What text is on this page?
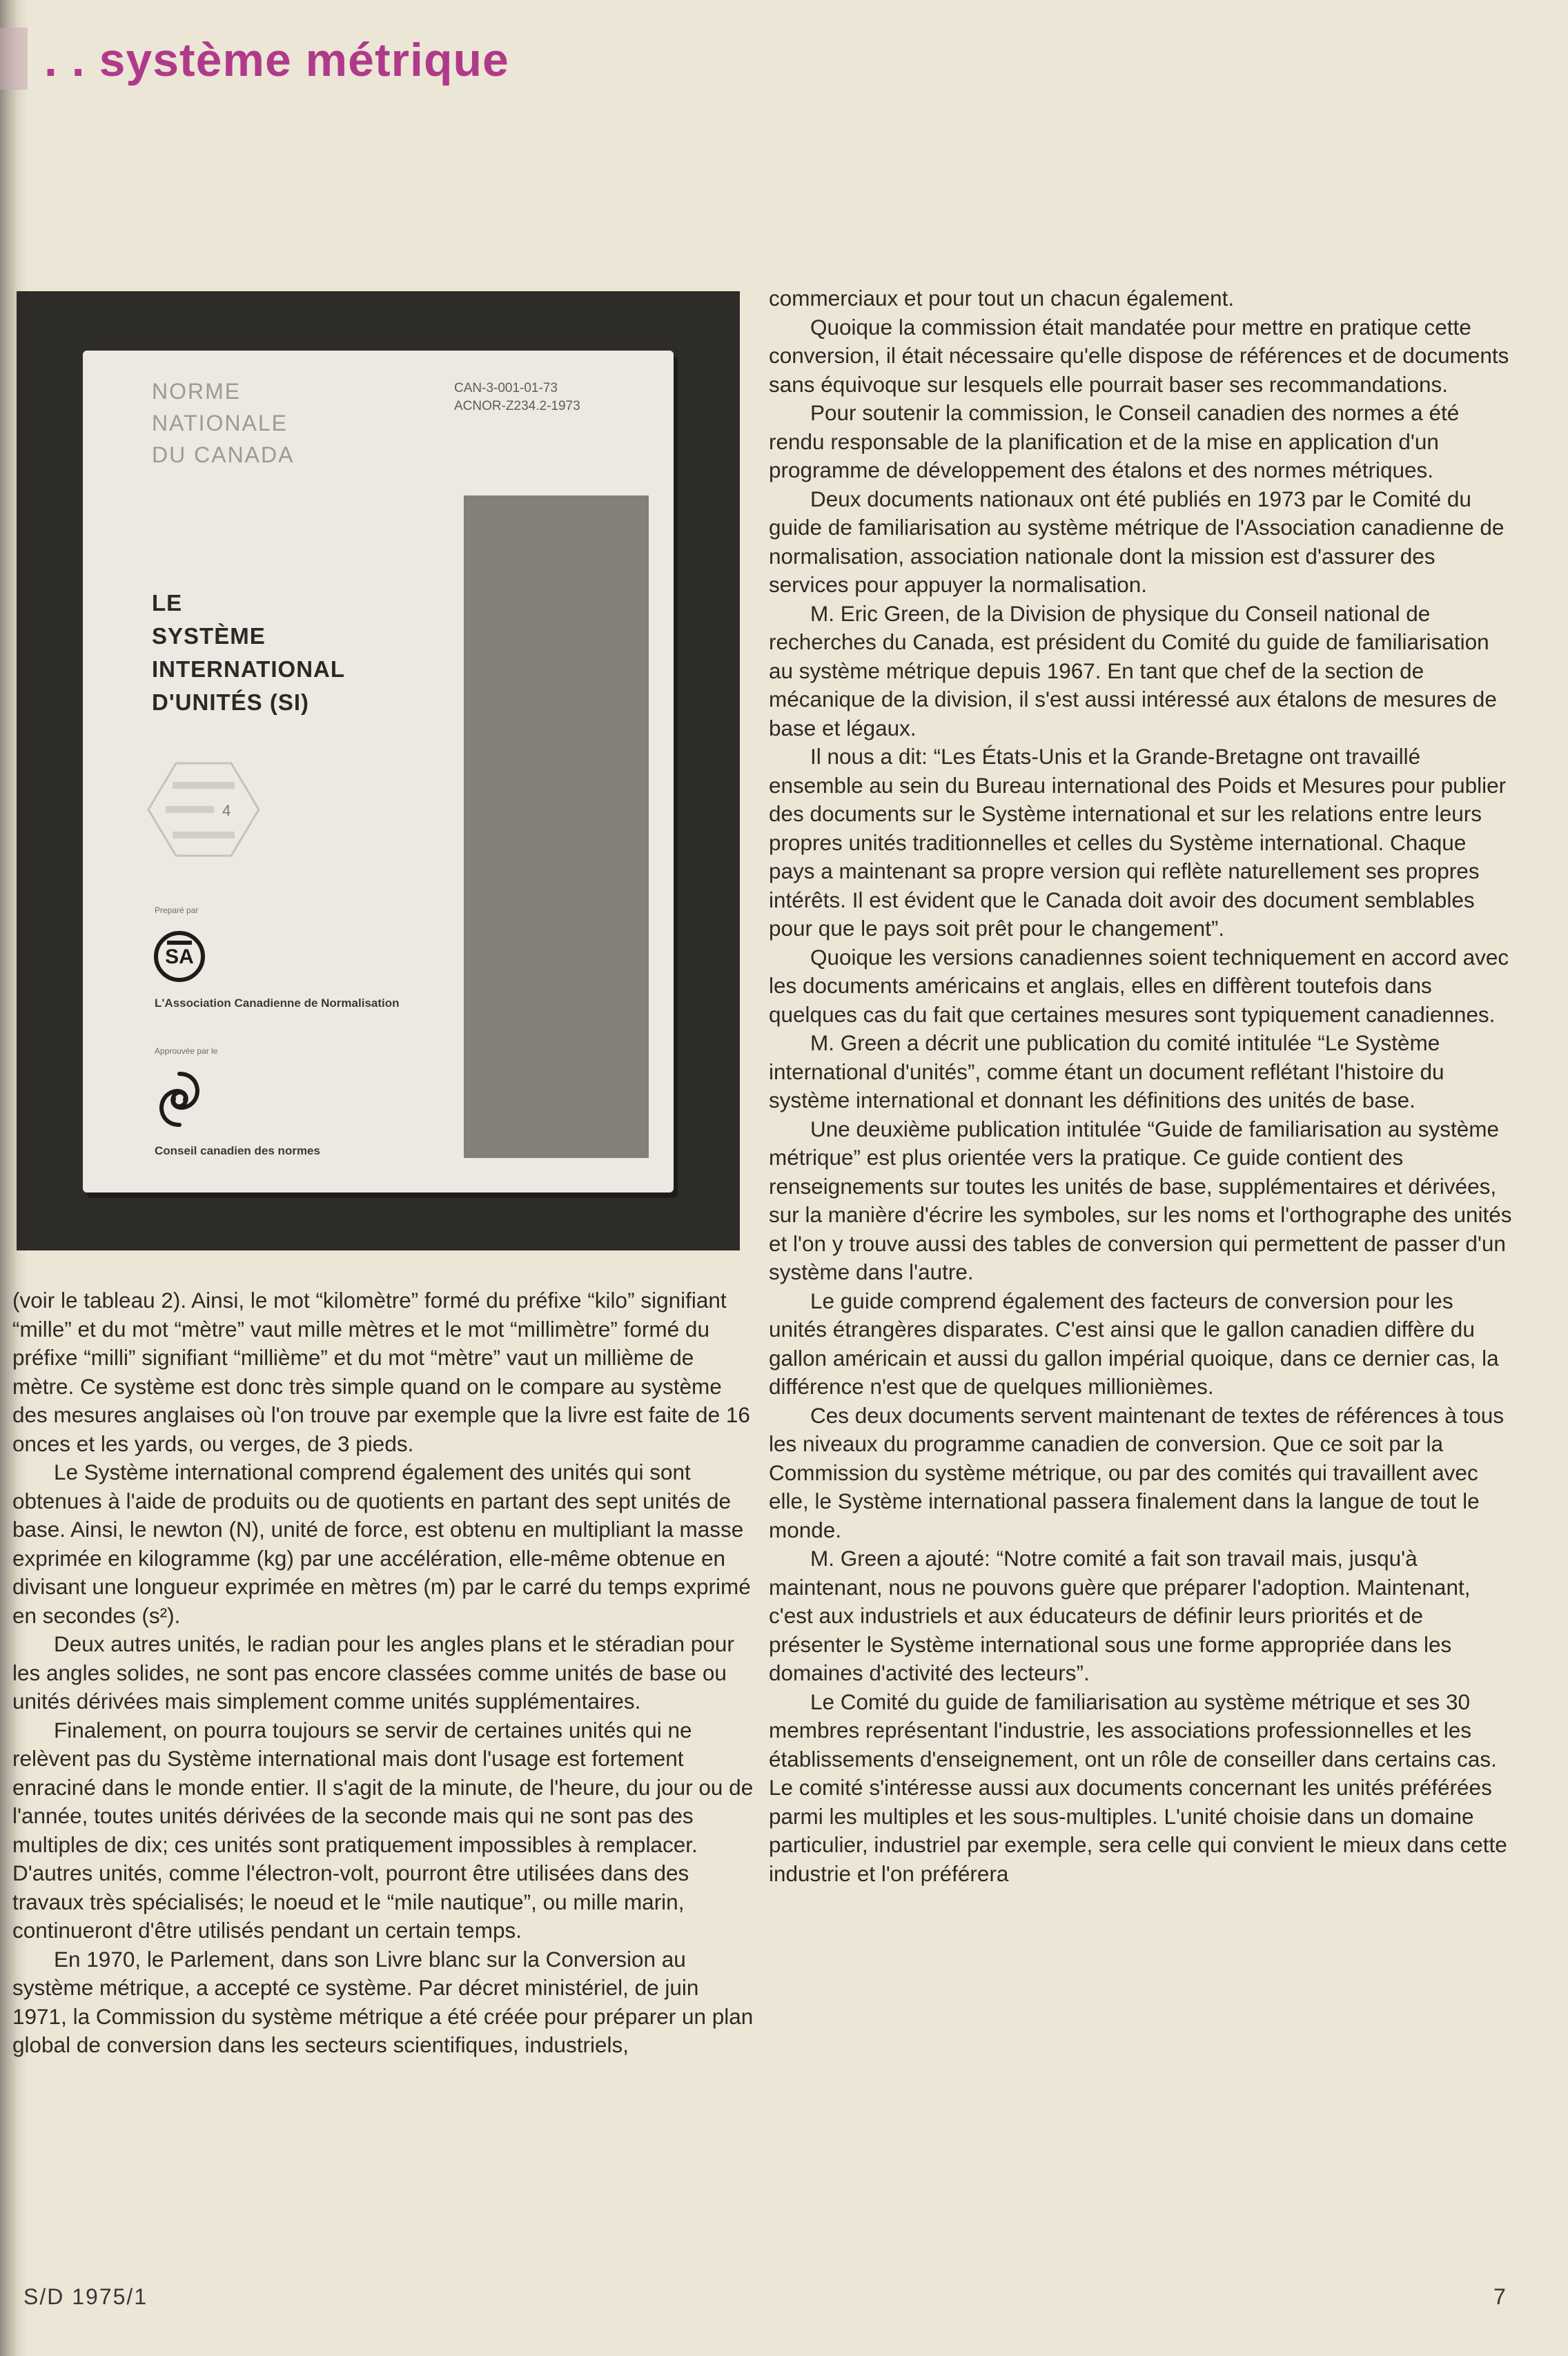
. . système métrique

NORME
NATIONALE
DU CANADA

CAN-3-001-01-73
ACNOR-Z234.2-1973

LE
SYSTÈME
INTERNATIONAL
D'UNITÉS (SI)

4
Preparé par
SA
L'Association Canadienne de Normalisation
Approuvée par le
Conseil canadien des normes

(voir le tableau 2). Ainsi, le mot “kilomètre” formé du préfixe “kilo” signifiant “mille” et du mot “mètre” vaut mille mètres et le mot “millimètre” formé du préfixe “milli” signifiant “millième” et du mot “mètre” vaut un millième de mètre. Ce système est donc très simple quand on le compare au système des mesures anglaises où l'on trouve par exemple que la livre est faite de 16 onces et les yards, ou verges, de 3 pieds.

Le Système international comprend également des unités qui sont obtenues à l'aide de produits ou de quotients en partant des sept unités de base. Ainsi, le newton (N), unité de force, est obtenu en multipliant la masse exprimée en kilogramme (kg) par une accélération, elle-même obtenue en divisant une longueur exprimée en mètres (m) par le carré du temps exprimé en secondes (s²).

Deux autres unités, le radian pour les angles plans et le stéradian pour les angles solides, ne sont pas encore classées comme unités de base ou unités dérivées mais simplement comme unités supplémentaires.

Finalement, on pourra toujours se servir de certaines unités qui ne relèvent pas du Système international mais dont l'usage est fortement enraciné dans le monde entier. Il s'agit de la minute, de l'heure, du jour ou de l'année, toutes unités dérivées de la seconde mais qui ne sont pas des multiples de dix; ces unités sont pratiquement impossibles à remplacer. D'autres unités, comme l'électron-volt, pourront être utilisées dans des travaux très spécialisés; le noeud et le “mile nautique”, ou mille marin, continueront d'être utilisés pendant un certain temps.

En 1970, le Parlement, dans son Livre blanc sur la Conversion au système métrique, a accepté ce système. Par décret ministériel, de juin 1971, la Commission du système métrique a été créée pour préparer un plan global de conversion dans les secteurs scientifiques, industriels,

commerciaux et pour tout un chacun également.

Quoique la commission était mandatée pour mettre en pratique cette conversion, il était nécessaire qu'elle dispose de références et de documents sans équivoque sur lesquels elle pourrait baser ses recommandations.

Pour soutenir la commission, le Conseil canadien des normes a été rendu responsable de la planification et de la mise en application d'un programme de développement des étalons et des normes métriques.

Deux documents nationaux ont été publiés en 1973 par le Comité du guide de familiarisation au système métrique de l'Association canadienne de normalisation, association nationale dont la mission est d'assurer des services pour appuyer la normalisation.

M. Eric Green, de la Division de physique du Conseil national de recherches du Canada, est président du Comité du guide de familiarisation au système métrique depuis 1967. En tant que chef de la section de mécanique de la division, il s'est aussi intéressé aux étalons de mesures de base et légaux.

Il nous a dit: “Les États-Unis et la Grande-Bretagne ont travaillé ensemble au sein du Bureau international des Poids et Mesures pour publier des documents sur le Système international et sur les relations entre leurs propres unités traditionnelles et celles du Système international. Chaque pays a maintenant sa propre version qui reflète naturellement ses propres intérêts. Il est évident que le Canada doit avoir des document semblables pour que le pays soit prêt pour le changement”.

Quoique les versions canadiennes soient techniquement en accord avec les documents américains et anglais, elles en diffèrent toutefois dans quelques cas du fait que certaines mesures sont typiquement canadiennes.

M. Green a décrit une publication du comité intitulée “Le Système international d'unités”, comme étant un document reflétant l'histoire du système international et donnant les définitions des unités de base.

Une deuxième publication intitulée “Guide de familiarisation au système métrique” est plus orientée vers la pratique. Ce guide contient des renseignements sur toutes les unités de base, supplémentaires et dérivées, sur la manière d'écrire les symboles, sur les noms et l'orthographe des unités et l'on y trouve aussi des tables de conversion qui permettent de passer d'un système dans l'autre.

Le guide comprend également des facteurs de conversion pour les unités étrangères disparates. C'est ainsi que le gallon canadien diffère du gallon américain et aussi du gallon impérial quoique, dans ce dernier cas, la différence n'est que de quelques millionièmes.

Ces deux documents servent maintenant de textes de références à tous les niveaux du programme canadien de conversion. Que ce soit par la Commission du système métrique, ou par des comités qui travaillent avec elle, le Système international passera finalement dans la langue de tout le monde.

M. Green a ajouté: “Notre comité a fait son travail mais, jusqu'à maintenant, nous ne pouvons guère que préparer l'adoption. Maintenant, c'est aux industriels et aux éducateurs de définir leurs priorités et de présenter le Système international sous une forme appropriée dans les domaines d'activité des lecteurs”.

Le Comité du guide de familiarisation au système métrique et ses 30 membres représentant l'industrie, les associations professionnelles et les établissements d'enseignement, ont un rôle de conseiller dans certains cas. Le comité s'intéresse aussi aux documents concernant les unités préférées parmi les multiples et les sous-multiples. L'unité choisie dans un domaine particulier, industriel par exemple, sera celle qui convient le mieux dans cette industrie et l'on préférera

S/D 1975/1	7
